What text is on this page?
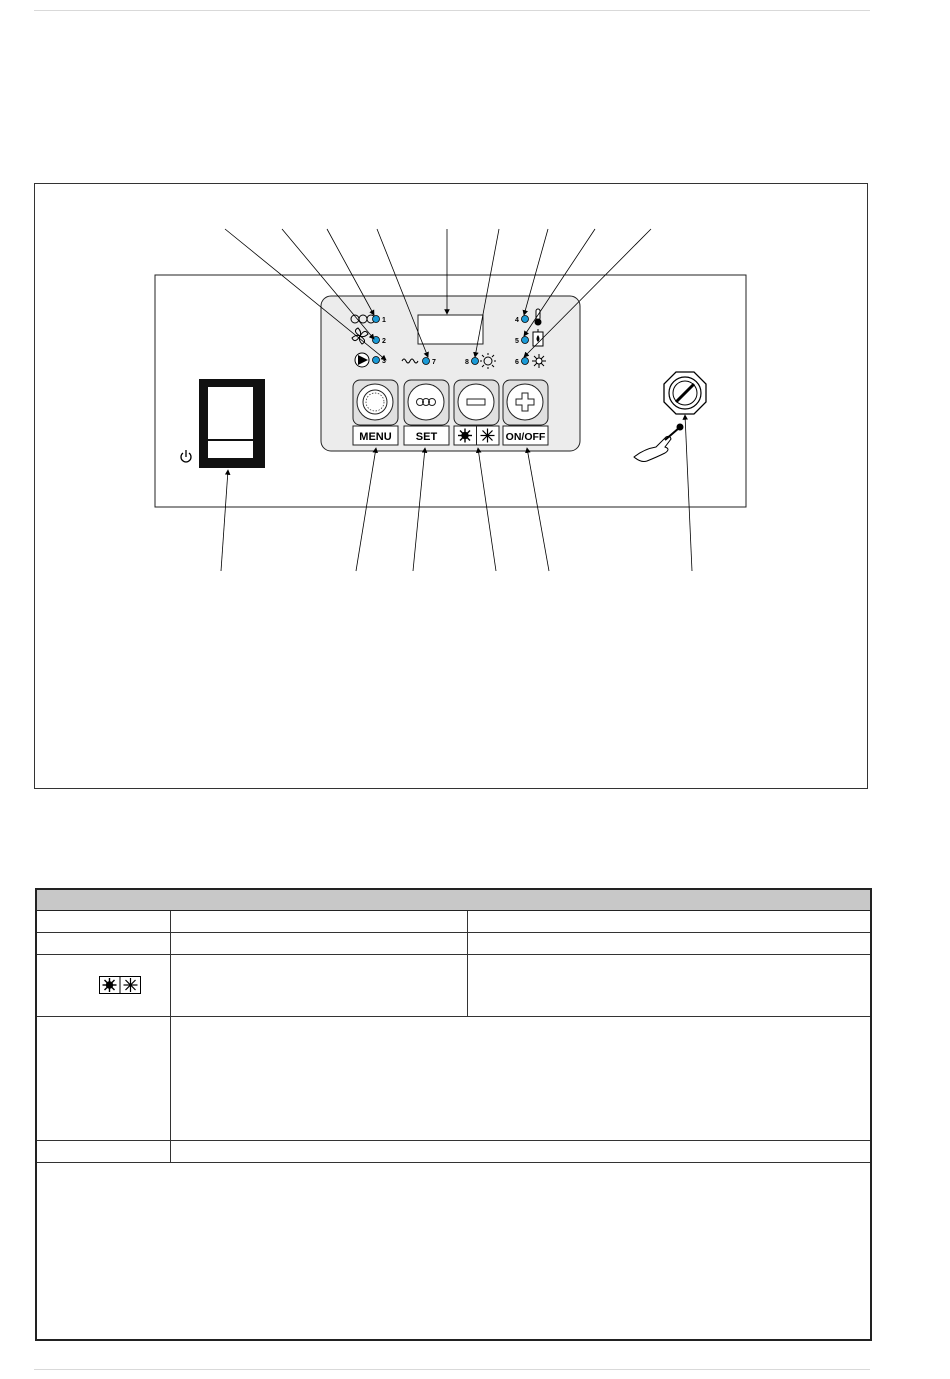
1
2
3	7	8
4
5
6
MENU SET	ON/OFF
